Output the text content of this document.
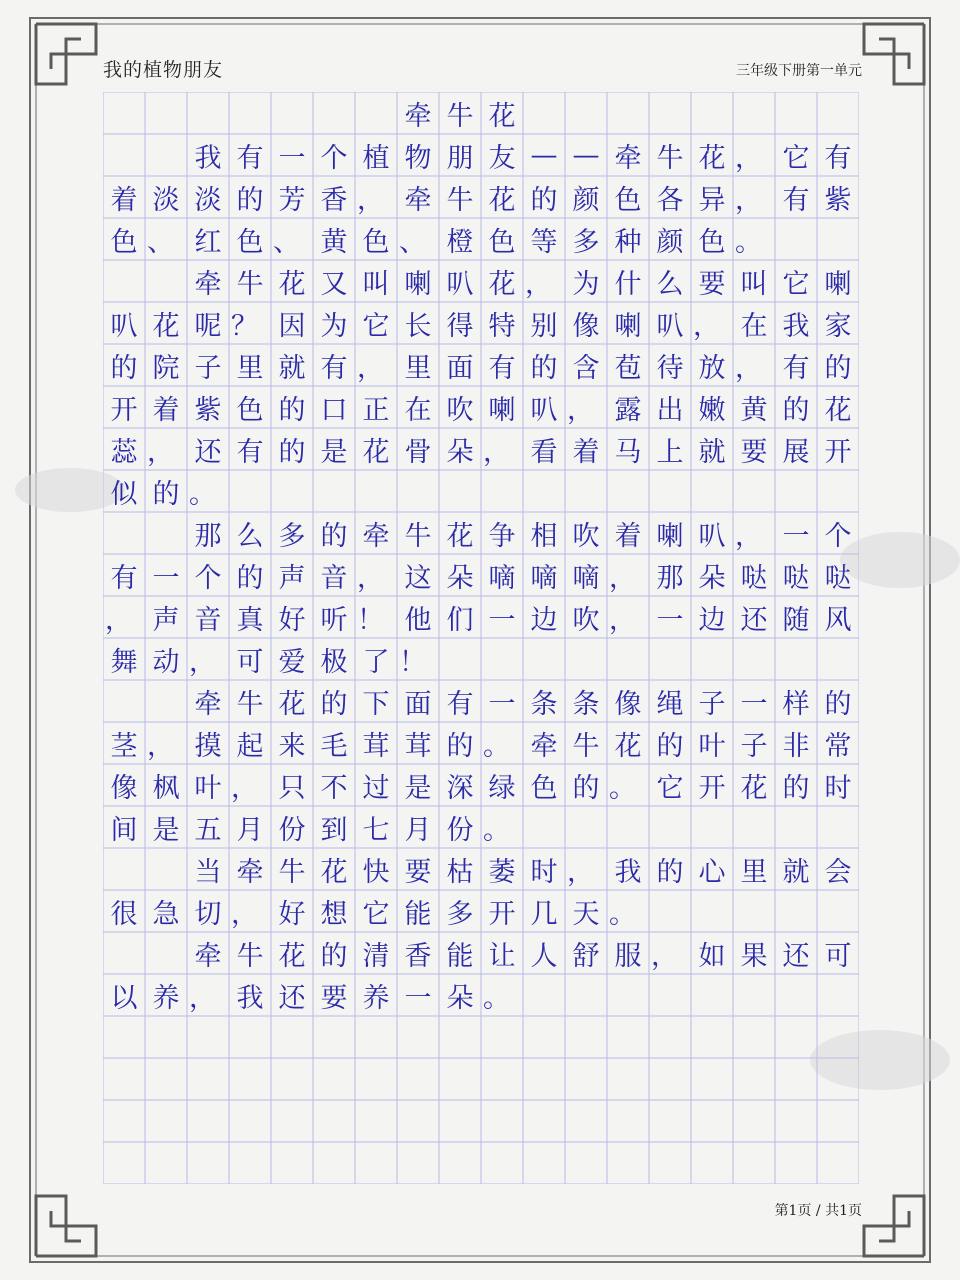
我的植物朋友	三年级下册第一单元
牵 牛 花
我 有 一 个 植 物 朋 友 — — 牵 牛 花 ， 它 有
着 淡 淡 的 芳 香 ， 牵 牛 花 的 颜 色 各 异 ， 有 紫
色 、 红 色 、 黄 色 、 橙 色 等 多 种 颜 色 。
牵 牛 花 又 叫 喇 叭 花 ， 为 什 么 要 叫 它 喇
叭 花 呢 ？ 因 为 它 长 得 特 别 像 喇 叭 ， 在 我 家
的 院 子 里 就 有 ， 里 面 有 的 含 苞 待 放 ， 有 的
开 着 紫 色 的 口 正 在 吹 喇 叭 ， 露 出 嫩 黄 的 花
蕊 ， 还 有 的 是 花 骨 朵 ， 看 着 马 上 就 要 展 开
似 的 。
那 么 多 的 牵 牛 花 争 相 吹 着 喇 叭 ， 一 个
有 一 个 的 声 音 ， 这 朵 嘀 嘀 嘀 ， 那 朵 哒 哒 哒
， 声 音 真 好 听 ！ 他 们 一 边 吹 ， 一 边 还 随 风
舞 动 ， 可 爱 极 了 ！
牵 牛 花 的 下 面 有 一 条 条 像 绳 子 一 样 的
茎 ， 摸 起 来 毛 茸 茸 的 。 牵 牛 花 的 叶 子 非 常
像 枫 叶 ， 只 不 过 是 深 绿 色 的 。 它 开 花 的 时
间 是 五 月 份 到 七 月 份 。
当 牵 牛 花 快 要 枯 萎 时 ， 我 的 心 里 就 会
很 急 切 ， 好 想 它 能 多 开 几 天 。
牵 牛 花 的 清 香 能 让 人 舒 服 ， 如 果 还 可
以 养 ， 我 还 要 养 一 朵 。
第1页 / 共1页
